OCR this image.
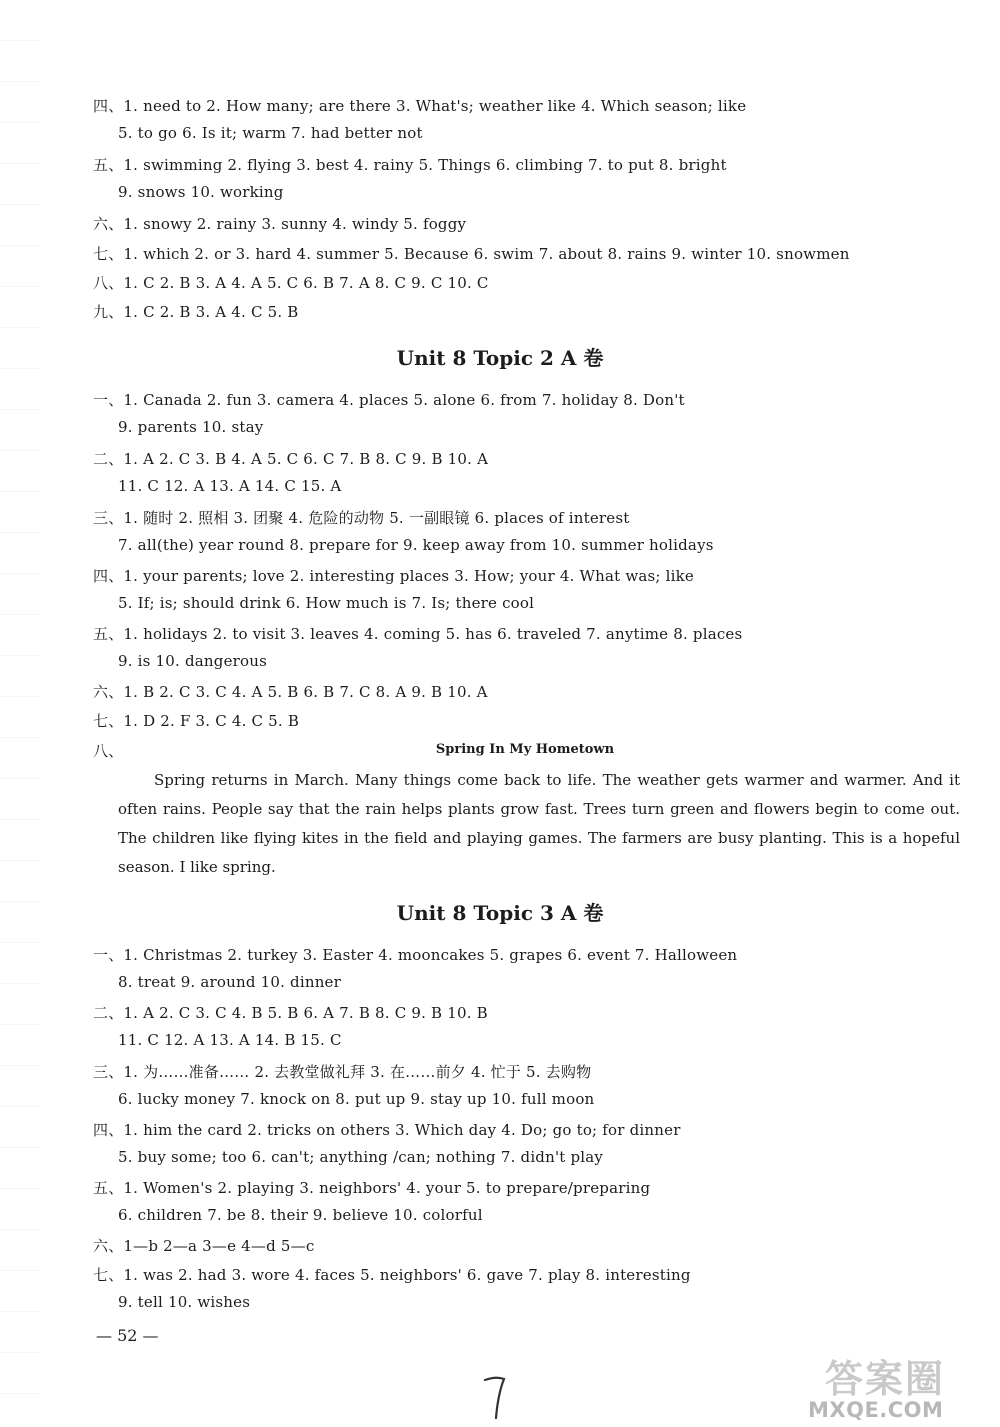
四、1. need to 2. How many; are there 3. What's; weather like 4. Which season; like
5. to go 6. Is it; warm 7. had better not
五、1. swimming 2. flying 3. best 4. rainy 5. Things 6. climbing 7. to put 8. bright
9. snows 10. working
六、1. snowy 2. rainy 3. sunny 4. windy 5. foggy
七、1. which 2. or 3. hard 4. summer 5. Because 6. swim 7. about 8. rains 9. winter 10. snowmen
八、1. C 2. B 3. A 4. A 5. C 6. B 7. A 8. C 9. C 10. C
九、1. C 2. B 3. A 4. C 5. B
Unit 8 Topic 2 A 卷
一、1. Canada 2. fun 3. camera 4. places 5. alone 6. from 7. holiday 8. Don't
9. parents 10. stay
二、1. A 2. C 3. B 4. A 5. C 6. C 7. B 8. C 9. B 10. A
11. C 12. A 13. A 14. C 15. A
三、1. 随时 2. 照相 3. 团聚 4. 危险的动物 5. 一副眼镜 6. places of interest
7. all(the) year round 8. prepare for 9. keep away from 10. summer holidays
四、1. your parents; love 2. interesting places 3. How; your 4. What was; like
5. If; is; should drink 6. How much is 7. Is; there cool
五、1. holidays 2. to visit 3. leaves 4. coming 5. has 6. traveled 7. anytime 8. places
9. is 10. dangerous
六、1. B 2. C 3. C 4. A 5. B 6. B 7. C 8. A 9. B 10. A
七、1. D 2. F 3. C 4. C 5. B
八、	Spring In My Hometown
Spring returns in March. Many things come back to life. The weather gets warmer and warmer. And it often rains. People say that the rain helps plants grow fast. Trees turn green and flowers begin to come out. The children like flying kites in the field and playing games. The farmers are busy planting. This is a hopeful season. I like spring.
Unit 8 Topic 3 A 卷
一、1. Christmas 2. turkey 3. Easter 4. mooncakes 5. grapes 6. event 7. Halloween
8. treat 9. around 10. dinner
二、1. A 2. C 3. C 4. B 5. B 6. A 7. B 8. C 9. B 10. B
11. C 12. A 13. A 14. B 15. C
三、1. 为……准备…… 2. 去教堂做礼拜 3. 在……前夕 4. 忙于 5. 去购物
6. lucky money 7. knock on 8. put up 9. stay up 10. full moon
四、1. him the card 2. tricks on others 3. Which day 4. Do; go to; for dinner
5. buy some; too 6. can't; anything /can; nothing 7. didn't play
五、1. Women's 2. playing 3. neighbors' 4. your 5. to prepare/preparing
6. children 7. be 8. their 9. believe 10. colorful
六、1—b 2—a 3—e 4—d 5—c
七、1. was 2. had 3. wore 4. faces 5. neighbors' 6. gave 7. play 8. interesting
9. tell 10. wishes
— 52 —
答案圈
MXQE.COM
